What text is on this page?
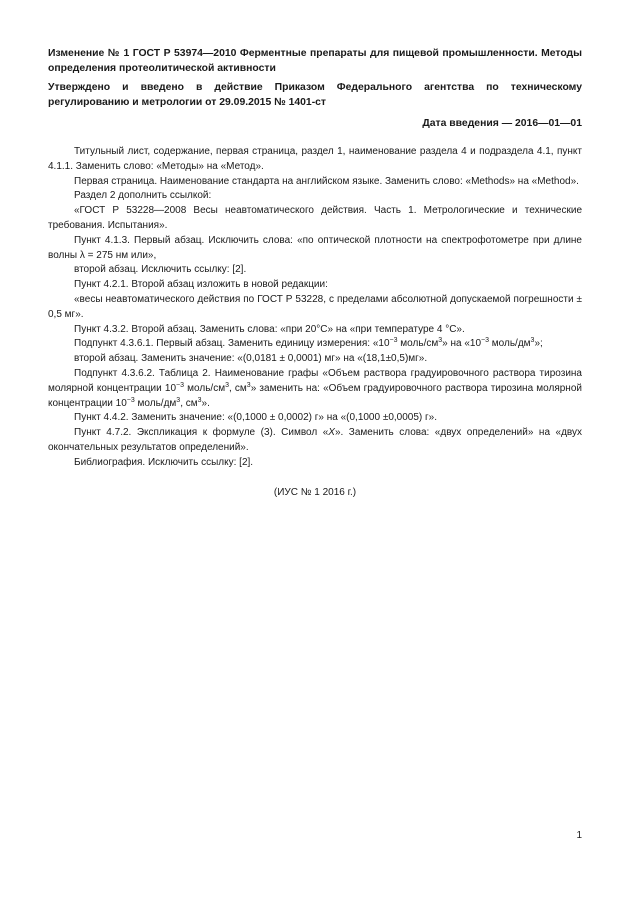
Изменение № 1 ГОСТ Р 53974—2010 Ферментные препараты для пищевой промышленности. Методы определения протеолитической активности

Утверждено и введено в действие Приказом Федерального агентства по техническому регулированию и метрологии от 29.09.2015 № 1401-ст

Дата введения — 2016—01—01

Титульный лист, содержание, первая страница, раздел 1, наименование раздела 4 и подраздела 4.1, пункт 4.1.1. Заменить слово: «Методы» на «Метод».

Первая страница. Наименование стандарта на английском языке. Заменить слово: «Methods» на «Method».

Раздел 2 дополнить ссылкой:

«ГОСТ Р 53228—2008 Весы неавтоматического действия. Часть 1. Метрологические и технические требования. Испытания».

Пункт 4.1.3. Первый абзац. Исключить слова: «по оптической плотности на спектрофотометре при длине волны λ = 275 нм или»,

второй абзац. Исключить ссылку: [2].

Пункт 4.2.1. Второй абзац изложить в новой редакции:

«весы неавтоматического действия по ГОСТ Р 53228, с пределами абсолютной допускаемой погрешности ± 0,5 мг».

Пункт 4.3.2. Второй абзац. Заменить слова: «при 20°С» на «при температуре 4 °С».

Подпункт 4.3.6.1. Первый абзац. Заменить единицу измерения: «$10^{-3}$ моль/$см^3$» на «$10^{-3}$ моль/$дм^3$»;

второй абзац. Заменить значение: «(0,0181 ± 0,0001) мг» на «(18,1±0,5)мг».

Подпункт 4.3.6.2. Таблица 2. Наименование графы «Объем раствора градуировочного раствора тирозина молярной концентрации $10^{-3}$ моль/$см^3$, $см^3$» заменить на: «Объем градуировочного раствора тирозина молярной концентрации $10^{-3}$ моль/$дм^3$, $см^3$».

Пункт 4.4.2. Заменить значение: «(0,1000 ± 0,0002) г» на «(0,1000 ±0,0005) г».

Пункт 4.7.2. Экспликация к формуле (3). Символ «X». Заменить слова: «двух определений» на «двух окончательных результатов определений».

Библиография. Исключить ссылку: [2].

(ИУС № 1 2016 г.)
1
